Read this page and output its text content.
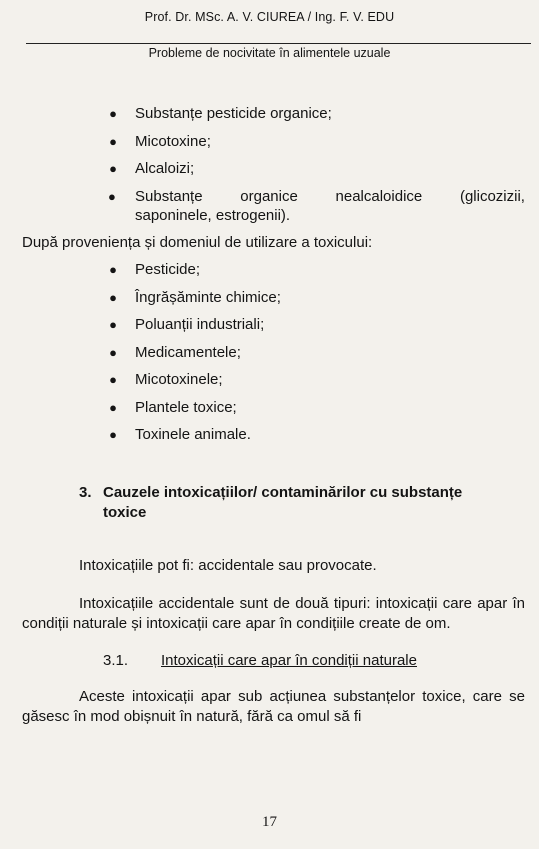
Prof. Dr. MSc. A. V. CIUREA / Ing. F. V. EDU
Probleme de nocivitate în alimentele uzuale
● Substanțe pesticide organice;
● Micotoxine;
● Alcaloizi;
● Substanțe	organice	nealcaloidice	(glicozizii,
saponinele, estrogenii).

După proveniența și domeniul de utilizare a toxicului:

● Pesticide;
● Îngrășăminte chimice;
● Poluanții industriali;
● Medicamentele;
● Micotoxinele;
● Plantele toxice;
● Toxinele animale.
3. Cauzele intoxicațiilor/ contaminărilor cu substanțe
toxice

Intoxicațiile pot fi: accidentale sau provocate.

Intoxicațiile accidentale sunt de două tipuri: intoxicații care apar în condiții naturale și intoxicații care apar în condițiile create de om.

3.1. Intoxicații care apar în condiții naturale

Aceste intoxicații apar sub acțiunea substanțelor toxice, care se găsesc în mod obișnuit în natură, fără ca omul să fi

17
